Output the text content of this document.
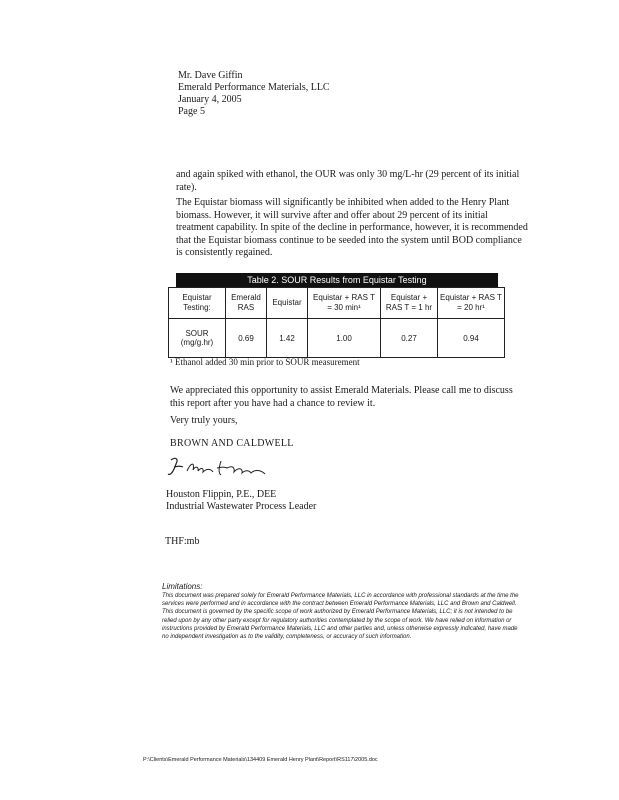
Mr. Dave Giffin
Emerald Performance Materials, LLC
January 4, 2005
Page 5
and again spiked with ethanol, the OUR was only 30 mg/L-hr (29 percent of its initial rate).
The Equistar biomass will significantly be inhibited when added to the Henry Plant biomass. However, it will survive after and offer about 29 percent of its initial treatment capability. In spite of the decline in performance, however, it is recommended that the Equistar biomass continue to be seeded into the system until BOD compliance is consistently regained.
Table 2. SOUR Results from Equistar Testing
Equistar Testing:	Emerald RAS	Equistar	Equistar + RAS T = 30 min¹	Equistar + RAS T = 1 hr	Equistar + RAS T = 20 hr¹
SOUR (mg/g.hr)	0.69	1.42	1.00	0.27	0.94
¹ Ethanol added 30 min prior to SOUR measurement
We appreciated this opportunity to assist Emerald Materials. Please call me to discuss this report after you have had a chance to review it.
Very truly yours,
BROWN AND CALDWELL
Houston Flippin, P.E., DEE
Industrial Wastewater Process Leader
THF:mb
Limitations:
This document was prepared solely for Emerald Performance Materials, LLC in accordance with professional standards at the time the services were performed and in accordance with the contract between Emerald Performance Materials, LLC and Brown and Caldwell. This document is governed by the specific scope of work authorized by Emerald Performance Materials, LLC; it is not intended to be relied upon by any other party except for regulatory authorities contemplated by the scope of work. We have relied on information or instructions provided by Emerald Performance Materials, LLC and other parties and, unless otherwise expressly indicated, have made no independent investigation as to the validity, completeness, or accuracy of such information.
P:\Clients\Emerald Performance Materials\134409 Emerald Henry Plant\Report\RS117\2005.doc
